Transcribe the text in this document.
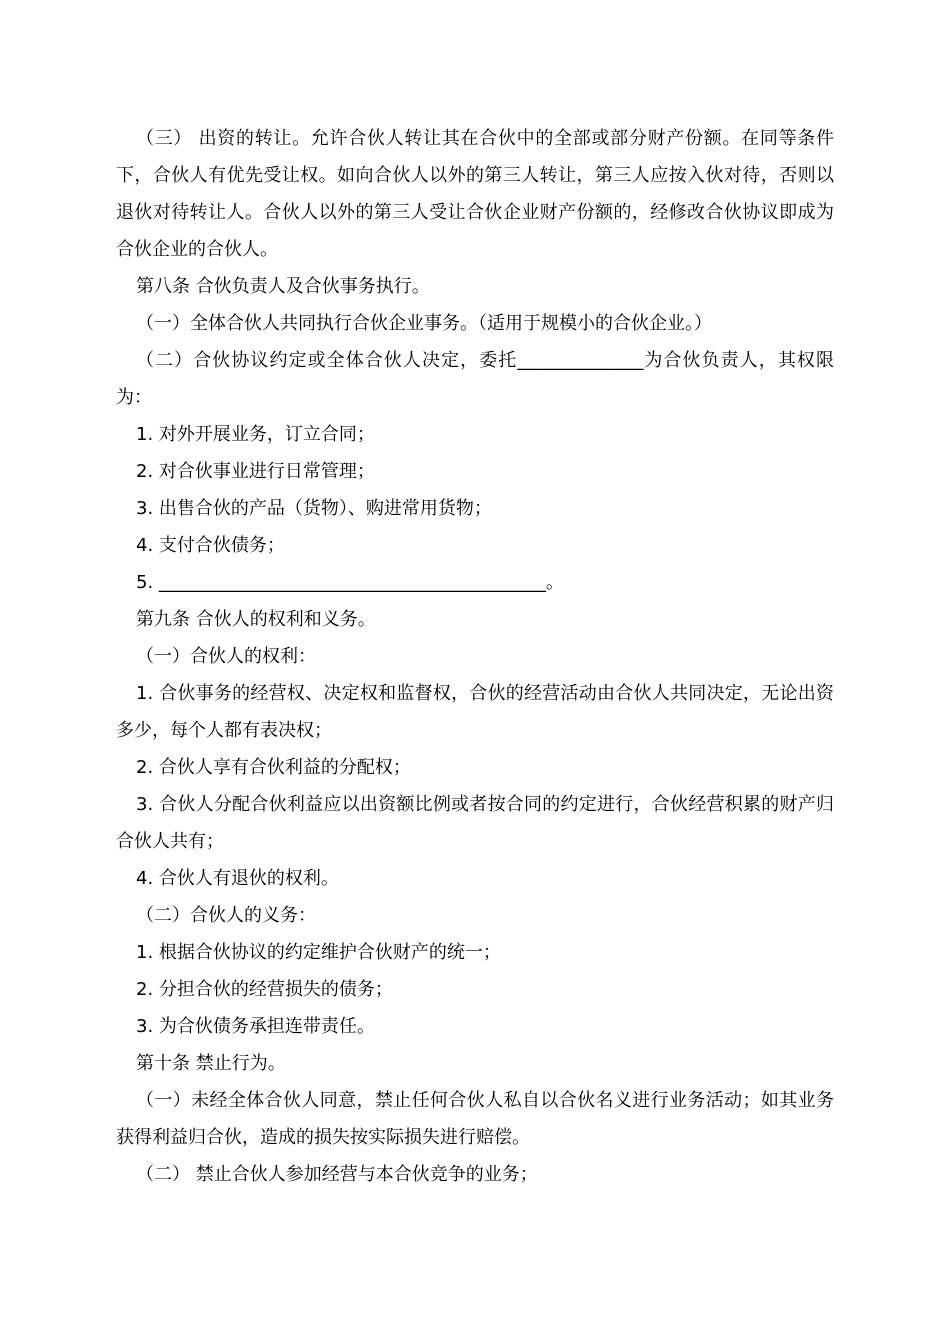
（三） 出资的转让。允许合伙人转让其在合伙中的全部或部分财产份额。在同等条件下，合伙人有优先受让权。如向合伙人以外的第三人转让，第三人应按入伙对待，否则以退伙对待转让人。合伙人以外的第三人受让合伙企业财产份额的，经修改合伙协议即成为合伙企业的合伙人。

第八条 合伙负责人及合伙事务执行。

（一）全体合伙人共同执行合伙企业事务。（适用于规模小的合伙企业。）

（二）合伙协议约定或全体合伙人决定，委托______________为合伙负责人，其权限为：

1. 对外开展业务，订立合同；

2. 对合伙事业进行日常管理；

3. 出售合伙的产品（货物）、购进常用货物；

4. 支付合伙债务；

5. ___________________________________________。

第九条 合伙人的权利和义务。

（一）合伙人的权利：

1. 合伙事务的经营权、决定权和监督权，合伙的经营活动由合伙人共同决定，无论出资多少，每个人都有表决权；

2. 合伙人享有合伙利益的分配权；

3. 合伙人分配合伙利益应以出资额比例或者按合同的约定进行，合伙经营积累的财产归合伙人共有；

4. 合伙人有退伙的权利。

（二）合伙人的义务：

1. 根据合伙协议的约定维护合伙财产的统一；

2. 分担合伙的经营损失的债务；

3. 为合伙债务承担连带责任。

第十条 禁止行为。

（一）未经全体合伙人同意，禁止任何合伙人私自以合伙名义进行业务活动；如其业务获得利益归合伙，造成的损失按实际损失进行赔偿。

（二） 禁止合伙人参加经营与本合伙竞争的业务；
